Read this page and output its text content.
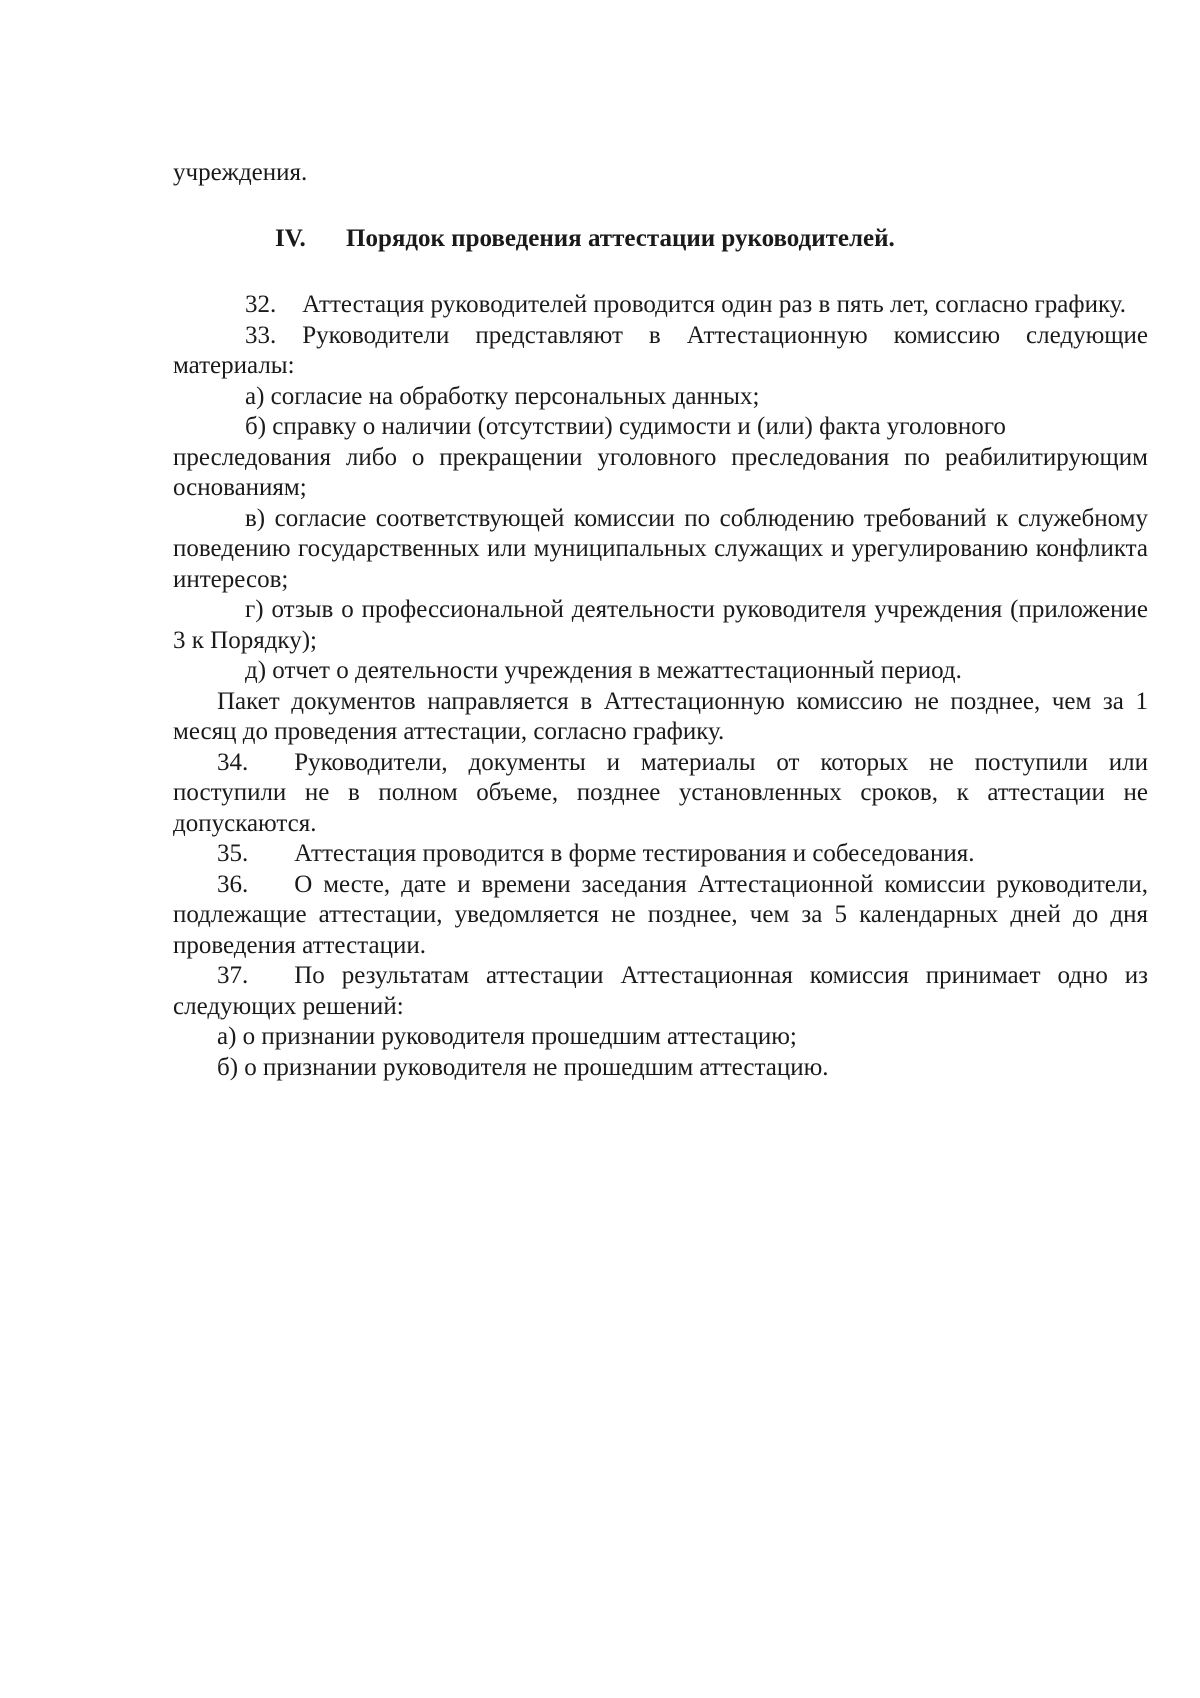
учреждения.
IV. Порядок проведения аттестации руководителей.

32. Аттестация руководителей проводится один раз в пять лет, согласно графику.

33. Руководители представляют в Аттестационную комиссию следующие материалы:

а) согласие на обработку персональных данных;

б) справку о наличии (отсутствии) судимости и (или) факта уголовного

преследования либо о прекращении уголовного преследования по реабилитирующим основаниям;

в) согласие соответствующей комиссии по соблюдению требований к служебному поведению государственных или муниципальных служащих и урегулированию конфликта интересов;

г) отзыв о профессиональной деятельности руководителя учреждения (приложение 3 к Порядку);

д) отчет о деятельности учреждения в межаттестационный период.

Пакет документов направляется в Аттестационную комиссию не позднее, чем за 1 месяц до проведения аттестации, согласно графику.

34. Руководители, документы и материалы от которых не поступили или поступили не в полном объеме, позднее установленных сроков, к аттестации не допускаются.

35. Аттестация проводится в форме тестирования и собеседования.

36. О месте, дате и времени заседания Аттестационной комиссии руководители, подлежащие аттестации, уведомляется не позднее, чем за 5 календарных дней до дня проведения аттестации.

37. По результатам аттестации Аттестационная комиссия принимает одно из следующих решений:

а) о признании руководителя прошедшим аттестацию;

б) о признании руководителя не прошедшим аттестацию.
